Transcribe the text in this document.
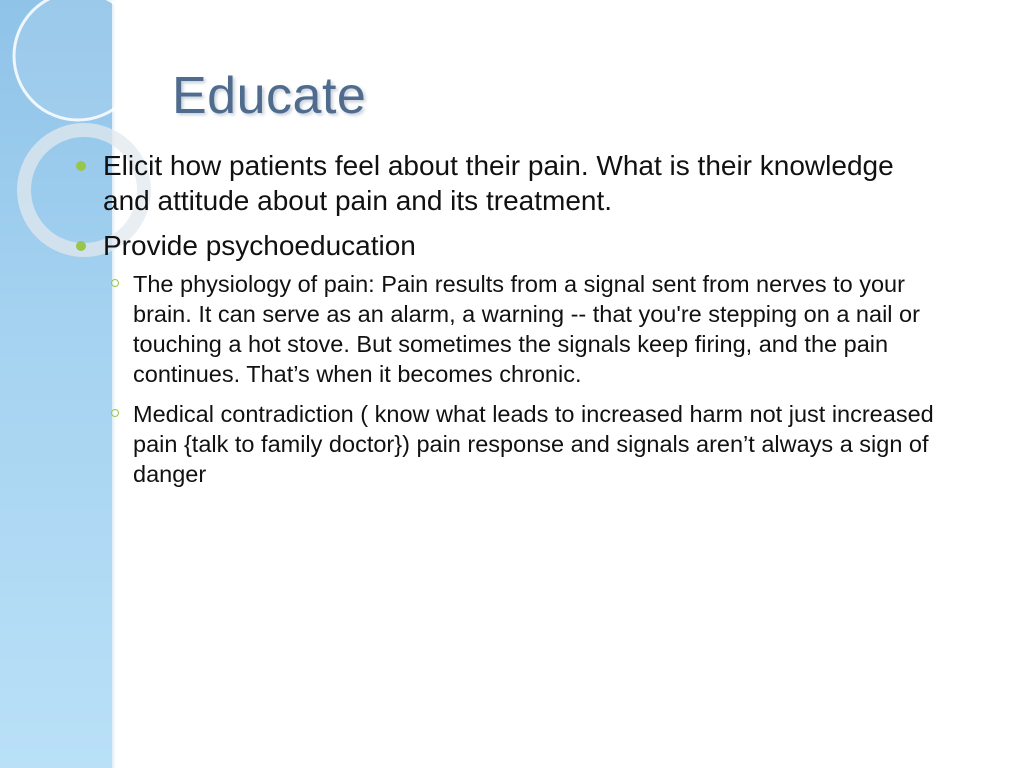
Educate
Elicit how patients feel about their pain. What is their knowledge and attitude about pain and its treatment.
Provide psychoeducation
The physiology of pain: Pain results from a signal sent from nerves to your brain. It can serve as an alarm, a warning -- that you're stepping on a nail or touching a hot stove. But sometimes the signals keep firing, and the pain continues. That’s when it becomes chronic.
Medical contradiction ( know what leads to increased harm not just increased pain {talk to family doctor}) pain response and signals aren’t always a sign of danger
